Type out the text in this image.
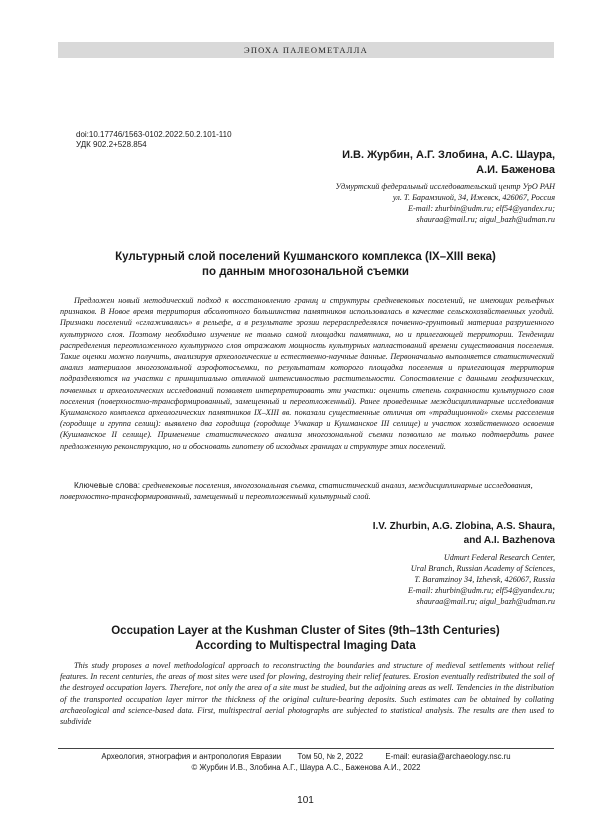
ЭПОХА ПАЛЕОМЕТАЛЛА
doi:10.17746/1563-0102.2022.50.2.101-110
УДК 902.2+528.854
И.В. Журбин, А.Г. Злобина, А.С. Шаура,
А.И. Баженова
Удмуртский федеральный исследовательский центр УрО РАН
ул. Т. Барамзиной, 34, Ижевск, 426067, Россия
E-mail: zhurbin@udm.ru; elf54@yandex.ru;
shauraa@mail.ru; aigul_bazh@udman.ru
Культурный слой поселений Кушманского комплекса (IX–XIII века)
по данным многозональной съемки

Предложен новый методический подход к восстановлению границ и структуры средневековых поселений, не имеющих рельефных признаков. В Новое время территория абсолютного большинства памятников использовалась в качестве сельскохозяйственных угодий. Признаки поселений «сглаживались» в рельефе, а в результате эрозии перераспределялся почвенно-грунтовый материал разрушенного культурного слоя. Поэтому необходимо изучение не только самой площадки памятника, но и прилегающей территории. Тенденции распределения переотложенного культурного слоя отражают мощность культурных напластований времени существования поселения. Такие оценки можно получить, анализируя археологические и естественно-научные данные. Первоначально выполняется статистический анализ материалов многозональной аэрофотосъемки, по результатам которого площадка поселения и прилегающая территория подразделяются на участки с принципиально отличной интенсивностью растительности. Сопоставление с данными геофизических, почвенных и археологических исследований позволяет интерпретировать эти участки: оценить степень сохранности культурного слоя поселения (поверхностно-трансформированный, замещенный и переотложенный). Ранее проведенные междисциплинарные исследования Кушманского комплекса археологических памятников IX–XIII вв. показали существенные отличия от «традиционной» схемы расселения (городище и группа селищ): выявлено два городища (городище Учкакар и Кушманское III селище) и участок хозяйственного освоения (Кушманское II селище). Применение статистического анализа многозональной съемки позволило не только подтвердить ранее предложенную реконструкцию, но и обосновать гипотезу об исходных границах и структуре этих поселений.

Ключевые слова: средневековые поселения, многозональная съемка, статистический анализ, междисциплинарные исследования, поверхностно-трансформированный, замещенный и переотложенный культурный слой.

I.V. Zhurbin, A.G. Zlobina, A.S. Shaura,
and A.I. Bazhenova
Udmurt Federal Research Center,
Ural Branch, Russian Academy of Sciences,
T. Baramzinoy 34, Izhevsk, 426067, Russia
E-mail: zhurbin@udm.ru; elf54@yandex.ru;
shauraa@mail.ru; aigul_bazh@udman.ru
Occupation Layer at the Kushman Cluster of Sites (9th–13th Centuries)
According to Multispectral Imaging Data

This study proposes a novel methodological approach to reconstructing the boundaries and structure of medieval settlements without relief features. In recent centuries, the areas of most sites were used for plowing, destroying their relief features. Erosion eventually redistributed the soil of the destroyed occupation layers. Therefore, not only the area of a site must be studied, but the adjoining areas as well. Tendencies in the distribution of the transported occupation layer mirror the thickness of the original culture-bearing deposits. Such estimates can be obtained by collating archaeological and science-based data. First, multispectral aerial photographs are subjected to statistical analysis. The results are then used to subdivide

Археология, этнография и антропология Евразии Том 50, № 2, 2022	E-mail: eurasia@archaeology.nsc.ru
© Журбин И.В., Злобина А.Г., Шаура А.С., Баженова А.И., 2022
101
